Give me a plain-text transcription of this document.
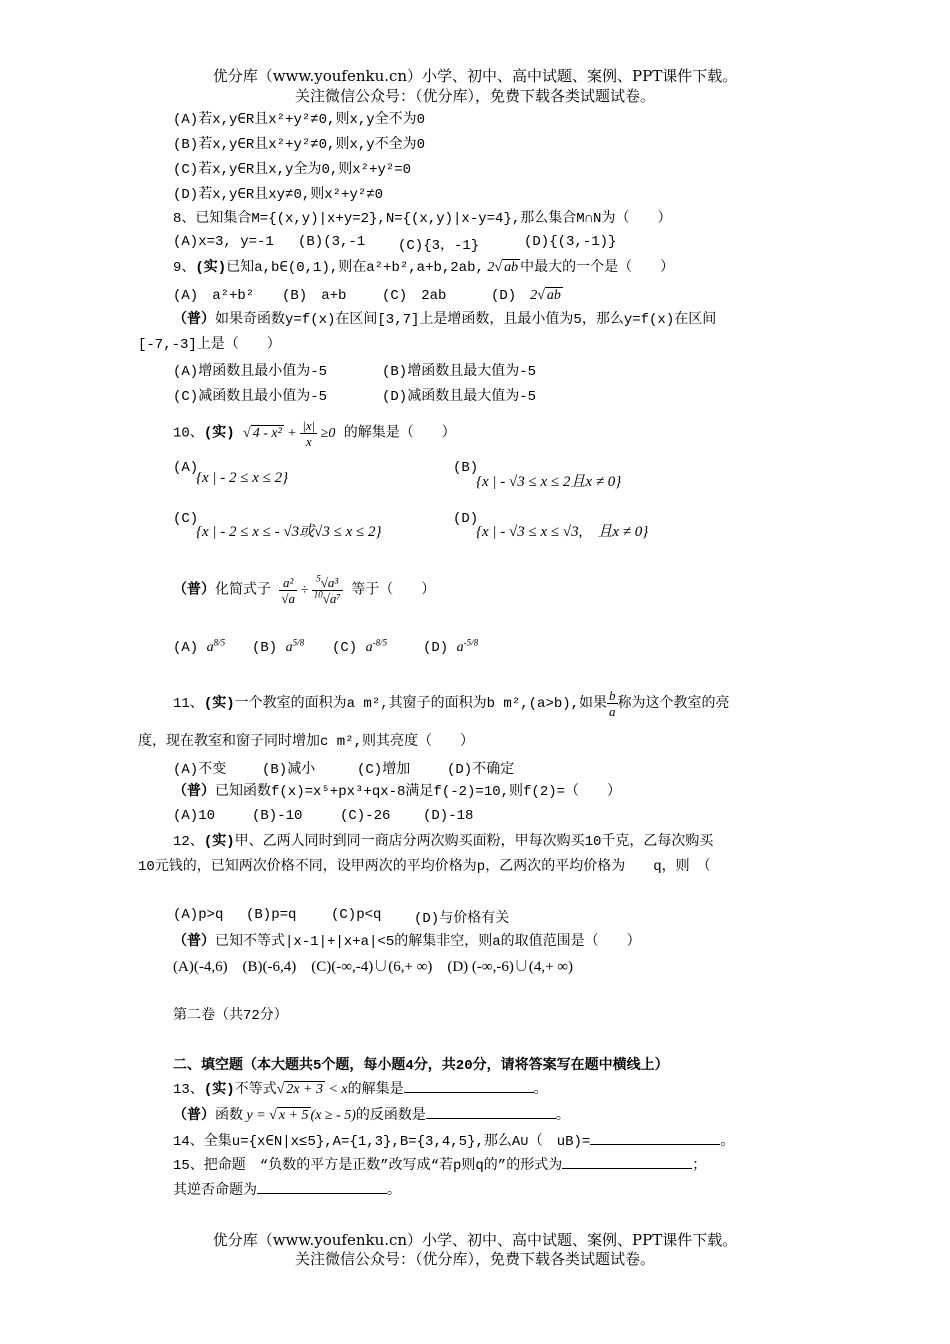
优分库（www.youfenku.cn）小学、初中、高中试题、案例、PPT课件下载。
关注微信公众号：（优分库），免费下载各类试题试卷。
(A)若x,y∈R且x²+y²≠0,则x,y全不为0
(B)若x,y∈R且x²+y²≠0,则x,y不全为0
(C)若x,y∈R且x,y全为0,则x²+y²=0
(D)若x,y∈R且xy≠0,则x²+y²≠0
8、已知集合M={(x,y)|x+y=2},N={(x,y)|x-y=4},那么集合M∩N为（　　）
(A)x=3, y=-1 (B)(3,-1 (C){3，-1}	(D){(3,-1)}
9、(实)已知a,b∈(0,1),则在a²+b²,a+b,2ab, 2√ ab 中最大的一个是（　　）
(A)　a²+b² (B)　a+b	(C)　2ab	(D)　2√ ab
（普）如果奇函数y=f(x)在区间[3,7]上是增函数，且最小值为5，那么y=f(x)在区间
[-7,-3]上是（　　）
(A)增函数且最小值为-5	(B)增函数且最大值为-5
(C)减函数且最小值为-5	(D)减函数且最大值为-5
10、(实) √ $4 - x^2 + \frac{|x|}{x} \ge 0$ 的解集是（　　）
(A)
{x | - 2 ≤ x ≤ 2}
(B)
{x | - √3 ≤ x ≤ 2且x ≠ 0}
(C)
{x | - 2 ≤ x ≤ - √3或√3 ≤ x ≤ 2}
(D)
{x | - √3 ≤ x ≤ √3,　且x ≠ 0}
（普）化简式子 $\frac{\text{a²}}{√a} \div \frac{^5√a^3}{^{10}√a^7}$ 等于（　　）
(A) $a^{8/5}$ (B) $a^{5/8}$ (C) $a^{-8/5}$	(D) $a^{-5/8}$
11、(实)一个教室的面积为a m²,其窗子的面积为b m²,(a>b),如果 $\frac{b}{a}$ 称为这个教室的亮
度，现在教室和窗子同时增加c m²,则其亮度（　　）
(A)不变	(B)减小	(C)增加	(D)不确定
（普）已知函数f(x)=x⁵+px³+qx-8满足f(-2)=10,则f(2)=（　　）
(A)10	(B)-10	(C)-26 (D)-18
12、(实)甲、乙两人同时到同一商店分两次购买面粉，甲每次购买10千克，乙每次购买
10元钱的，已知两次价格不同，设甲两次的平均价格为p，乙两次的平均价格为　　q，则　（
(A)p>q (B)p=q (C)p<q (D)与价格有关
（普）已知不等式|x-1|+|x+a|<5的解集非空，则a的取值范围是（　　）
(A)(-4,6)　(B)(-6,4)　(C)(-∞,-4)∪(6,+ ∞)　(D) (-∞,-6)∪(4,+ ∞)
第二卷（共72分）
二、填空题（本大题共5个题，每小题4分，共20分，请将答案写在题中横线上）
13、(实)不等式√ 2x + 3 < x的解集是	。
（普）函数 y = √ x + 5 (x ≥ - 5)的反函数是	。
14、全集u={x∈N|x≤5},A={1,3},B={3,4,5},那么A∪（　uB)=	。
15、把命题　“负数的平方是正数”改写成“若p则q的”的形式为	；
其逆否命题为	。
优分库（www.youfenku.cn）小学、初中、高中试题、案例、PPT课件下载。
关注微信公众号：（优分库），免费下载各类试题试卷。
